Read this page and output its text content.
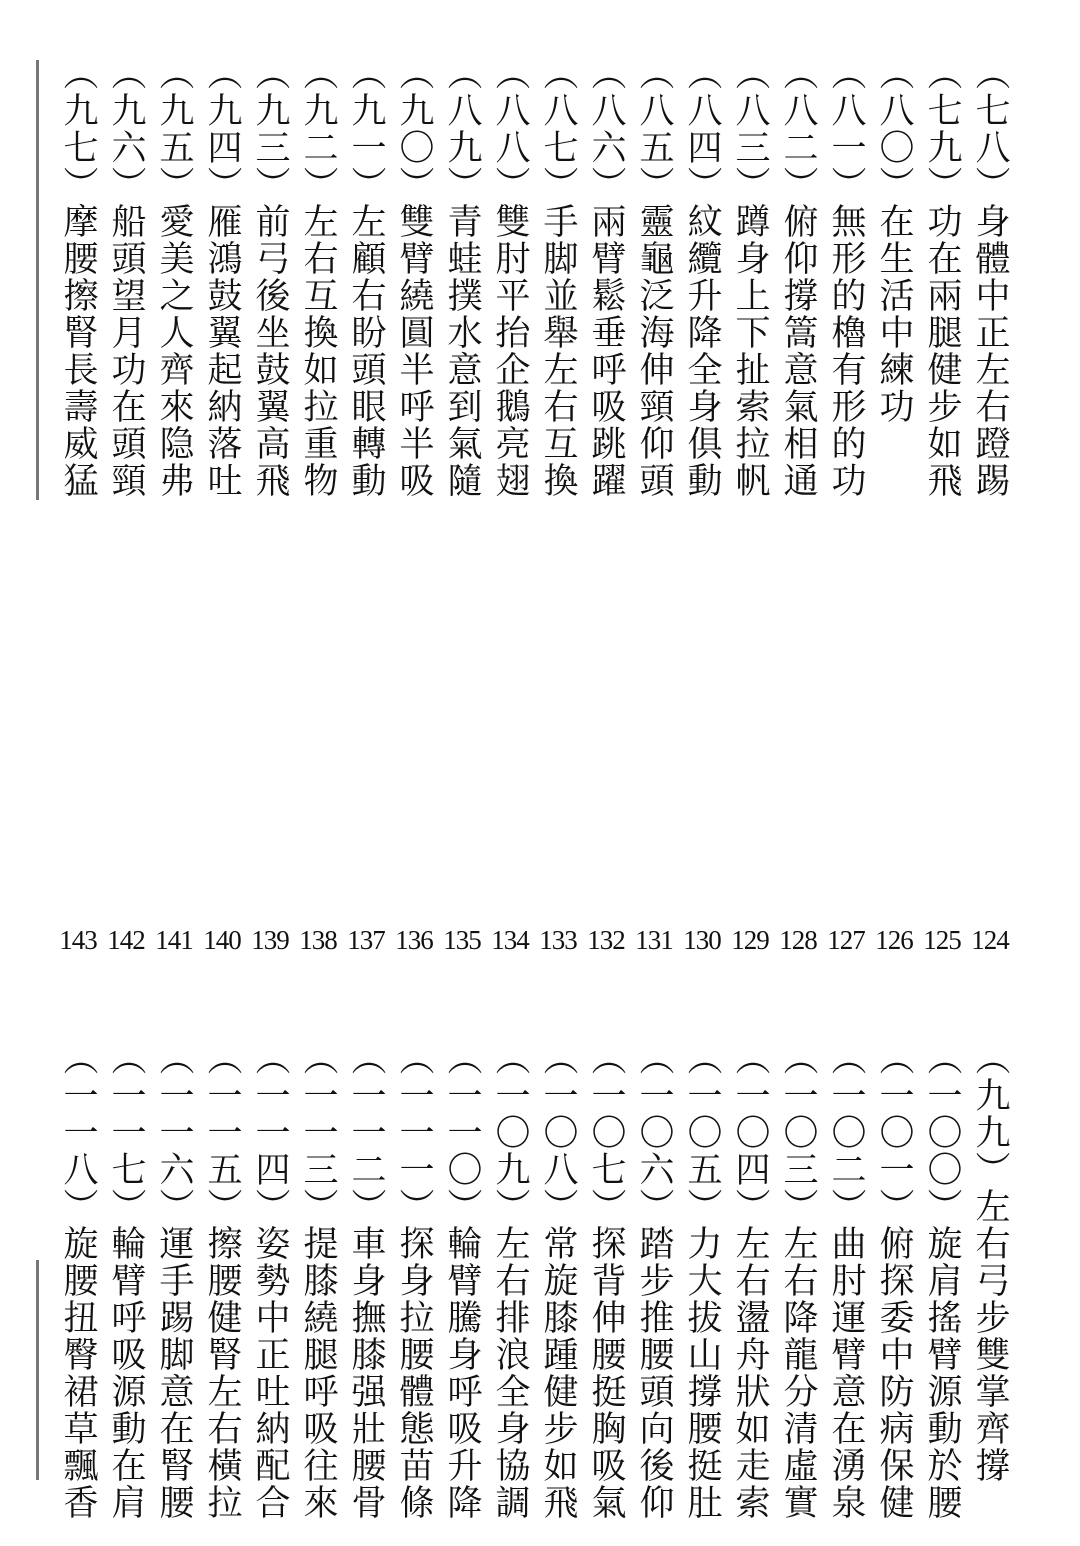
（七八）身體中正左右蹬踢
（七九）功在兩腿健步如飛
（八〇）在生活中練功
（八一）無形的櫓有形的功
（八二）俯仰撐篙意氣相通
（八三）蹲身上下扯索拉帆
（八四）紋纜升降全身俱動
（八五）靈龜泛海伸頸仰頭
（八六）兩臂鬆垂呼吸跳躍
（八七）手脚並舉左右互換
（八八）雙肘平抬企鵝亮翅
（八九）青蛙撲水意到氣隨
（九〇）雙臂繞圓半呼半吸
（九一）左顧右盼頭眼轉動
（九二）左右互換如拉重物
（九三）前弓後坐鼓翼高飛
（九四）雁鴻鼓翼起納落吐
（九五）愛美之人齊來隐弗
（九六）船頭望月功在頭頸
（九七）摩腰擦腎長壽威猛
124
125
126
127
128
129
130
131
132
133
134
135
136
137
138
139
140
141
142
143
（九九）左右弓步雙掌齊撐
（一〇〇）旋肩搖臂源動於腰
（一〇一）俯探委中防病保健
（一〇二）曲肘運臂意在湧泉
（一〇三）左右降龍分清虛實
（一〇四）左右盪舟狀如走索
（一〇五）力大拔山撐腰挺肚
（一〇六）踏步推腰頭向後仰
（一〇七）探背伸腰挺胸吸氣
（一〇八）常旋膝踵健步如飛
（一〇九）左右排浪全身協調
（一一〇）輪臂騰身呼吸升降
（一一一）探身拉腰體態苗條
（一一二）車身撫膝强壯腰骨
（一一三）提膝繞腿呼吸往來
（一一四）姿勢中正吐納配合
（一一五）擦腰健腎左右橫拉
（一一六）運手踢脚意在腎腰
（一一七）輪臂呼吸源動在肩
（一一八）旋腰扭臀裙草飄香
